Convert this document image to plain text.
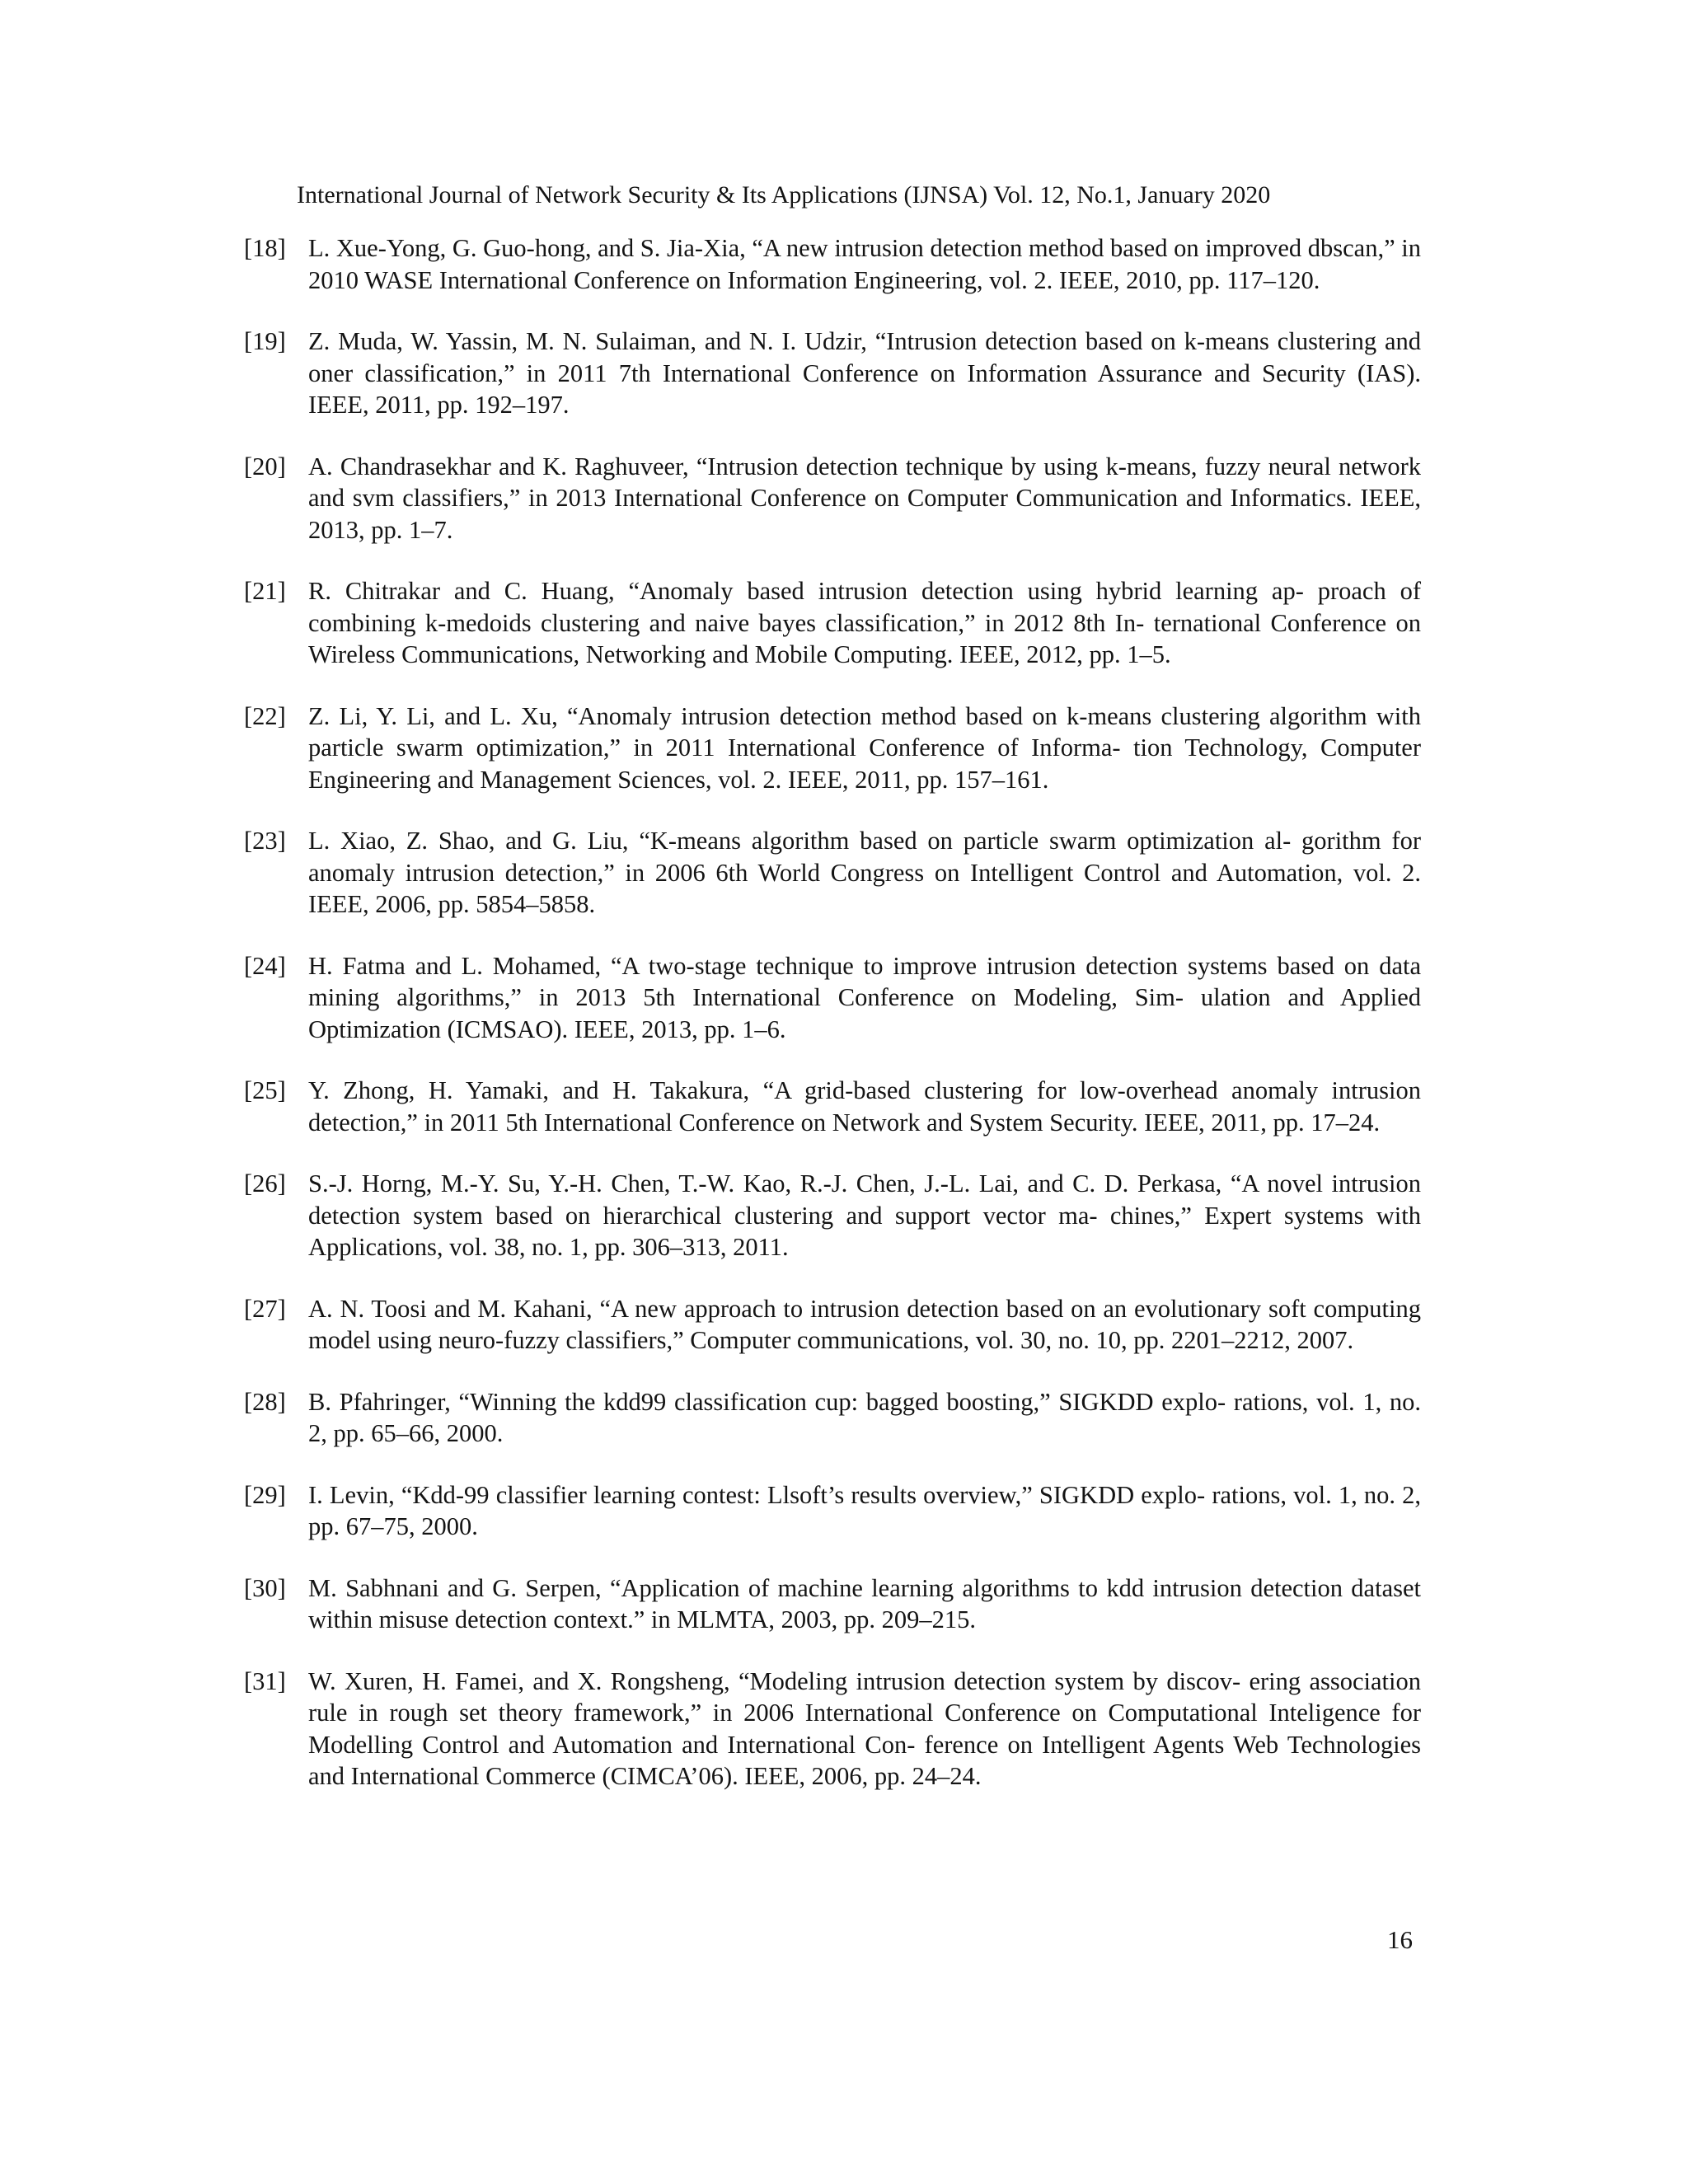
International Journal of Network Security & Its Applications (IJNSA) Vol. 12, No.1, January 2020
[18] L. Xue-Yong, G. Guo-hong, and S. Jia-Xia, “A new intrusion detection method based on improved dbscan,” in 2010 WASE International Conference on Information Engineering, vol. 2. IEEE, 2010, pp. 117–120.
[19] Z. Muda, W. Yassin, M. N. Sulaiman, and N. I. Udzir, “Intrusion detection based on k-means clustering and oner classification,” in 2011 7th International Conference on Information Assurance and Security (IAS). IEEE, 2011, pp. 192–197.
[20] A. Chandrasekhar and K. Raghuveer, “Intrusion detection technique by using k-means, fuzzy neural network and svm classifiers,” in 2013 International Conference on Computer Communication and Informatics. IEEE, 2013, pp. 1–7.
[21] R. Chitrakar and C. Huang, “Anomaly based intrusion detection using hybrid learning ap- proach of combining k-medoids clustering and naive bayes classification,” in 2012 8th In- ternational Conference on Wireless Communications, Networking and Mobile Computing. IEEE, 2012, pp. 1–5.
[22] Z. Li, Y. Li, and L. Xu, “Anomaly intrusion detection method based on k-means clustering algorithm with particle swarm optimization,” in 2011 International Conference of Informa- tion Technology, Computer Engineering and Management Sciences, vol. 2. IEEE, 2011, pp. 157–161.
[23] L. Xiao, Z. Shao, and G. Liu, “K-means algorithm based on particle swarm optimization al- gorithm for anomaly intrusion detection,” in 2006 6th World Congress on Intelligent Control and Automation, vol. 2. IEEE, 2006, pp. 5854–5858.
[24] H. Fatma and L. Mohamed, “A two-stage technique to improve intrusion detection systems based on data mining algorithms,” in 2013 5th International Conference on Modeling, Sim- ulation and Applied Optimization (ICMSAO). IEEE, 2013, pp. 1–6.
[25] Y. Zhong, H. Yamaki, and H. Takakura, “A grid-based clustering for low-overhead anomaly intrusion detection,” in 2011 5th International Conference on Network and System Security. IEEE, 2011, pp. 17–24.
[26] S.-J. Horng, M.-Y. Su, Y.-H. Chen, T.-W. Kao, R.-J. Chen, J.-L. Lai, and C. D. Perkasa, “A novel intrusion detection system based on hierarchical clustering and support vector ma- chines,” Expert systems with Applications, vol. 38, no. 1, pp. 306–313, 2011.
[27] A. N. Toosi and M. Kahani, “A new approach to intrusion detection based on an evolutionary soft computing model using neuro-fuzzy classifiers,” Computer communications, vol. 30, no. 10, pp. 2201–2212, 2007.
[28] B. Pfahringer, “Winning the kdd99 classification cup: bagged boosting,” SIGKDD explo- rations, vol. 1, no. 2, pp. 65–66, 2000.
[29] I. Levin, “Kdd-99 classifier learning contest: Llsoft’s results overview,” SIGKDD explo- rations, vol. 1, no. 2, pp. 67–75, 2000.
[30] M. Sabhnani and G. Serpen, “Application of machine learning algorithms to kdd intrusion detection dataset within misuse detection context.” in MLMTA, 2003, pp. 209–215.
[31] W. Xuren, H. Famei, and X. Rongsheng, “Modeling intrusion detection system by discov- ering association rule in rough set theory framework,” in 2006 International Conference on Computational Inteligence for Modelling Control and Automation and International Con- ference on Intelligent Agents Web Technologies and International Commerce (CIMCA’06). IEEE, 2006, pp. 24–24.
16
